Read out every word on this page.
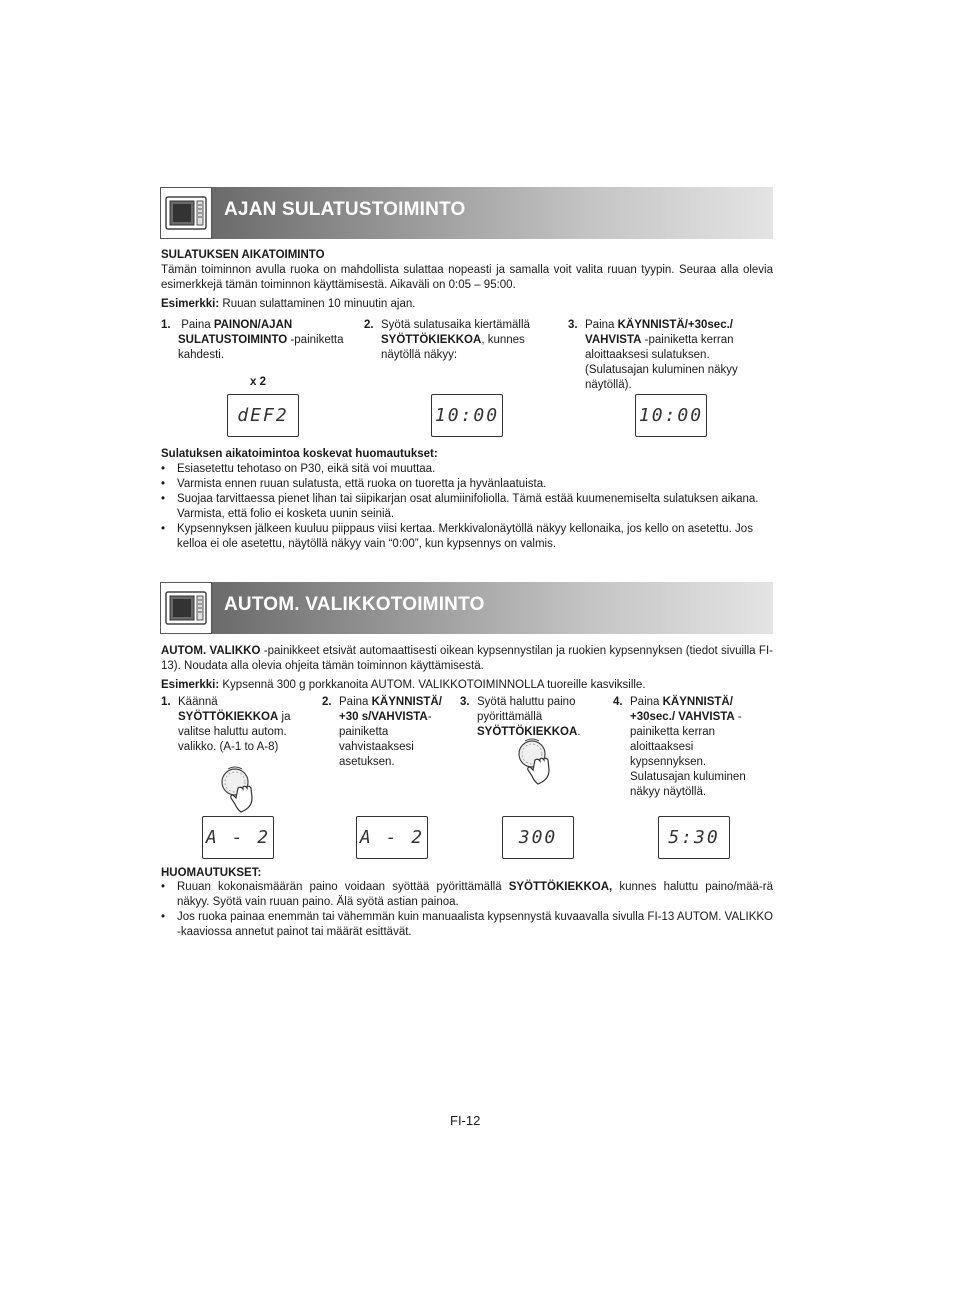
AJAN SULATUSTOIMINTO
SULATUKSEN AIKATOIMINTO
Tämän toiminnon avulla ruoka on mahdollista sulattaa nopeasti ja samalla voit valita ruuan tyypin. Seuraa alla olevia esimerkkejä tämän toiminnon käyttämisestä. Aikaväli on 0:05 – 95:00.
Esimerkki: Ruuan sulattaminen 10 minuutin ajan.
1. Paina PAINON/AJAN SULATUSTOIMINTO -painiketta kahdesti.
2. Syötä sulatusaika kiertämällä SYÖTTÖKIEKKOA, kunnes näytöllä näkyy:
3. Paina KÄYNNISTÄ/+30sec./ VAHVISTA -painiketta kerran aloittaaksesi sulatuksen. (Sulatusajan kuluminen näkyy näytöllä).
x 2
dEF2	10:00	10:00
Sulatuksen aikatoimintoa koskevat huomautukset:
• Esiasetettu tehotaso on P30, eikä sitä voi muuttaa.
• Varmista ennen ruuan sulatusta, että ruoka on tuoretta ja hyvänlaatuista.
• Suojaa tarvittaessa pienet lihan tai siipikarjan osat alumiinifoliolla. Tämä estää kuumenemiselta sulatuksen aikana. Varmista, että folio ei kosketa uunin seiniä.
• Kypsennyksen jälkeen kuuluu piippaus viisi kertaa. Merkkivalonäytöllä näkyy kellonaika, jos kello on asetettu. Jos kelloa ei ole asetettu, näytöllä näkyy vain “0:00”, kun kypsennys on valmis.
AUTOM. VALIKKOTOIMINTO
AUTOM. VALIKKO -painikkeet etsivät automaattisesti oikean kypsennystilan ja ruokien kypsennyksen (tiedot sivuilla FI-13). Noudata alla olevia ohjeita tämän toiminnon käyttämisestä.
Esimerkki: Kypsennä 300 g porkkanoita AUTOM. VALIKKOTOIMINNOLLA tuoreille kasviksille.
1. Käännä SYÖTTÖKIEKKOA ja valitse haluttu autom. valikko. (A-1 to A-8)
2. Paina KÄYNNISTÄ/ +30 s/VAHVISTA-painiketta vahvistaaksesi asetuksen.
3. Syötä haluttu paino pyörittämällä SYÖTTÖKIEKKOA.
4. Paina KÄYNNISTÄ/ +30sec./ VAHVISTA -painiketta kerran aloittaaksesi kypsennyksen. Sulatusajan kuluminen näkyy näytöllä.
A - 2	A - 2	300	5:30
HUOMAUTUKSET:
• Ruuan kokonaismäärän paino voidaan syöttää pyörittämällä SYÖTTÖKIEKKOA, kunnes haluttu paino/mää-rä näkyy. Syötä vain ruuan paino. Älä syötä astian painoa.
• Jos ruoka painaa enemmän tai vähemmän kuin manuaalista kypsennystä kuvaavalla sivulla FI-13 AUTOM. VALIKKO -kaaviossa annetut painot tai määrät esittävät.
FI-12
